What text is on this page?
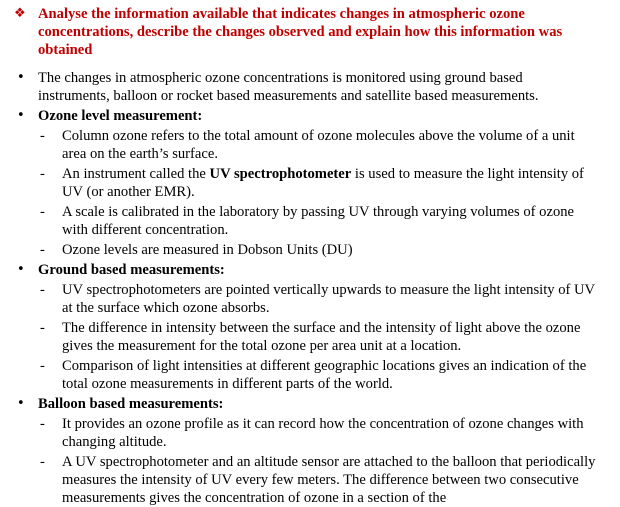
❖ Analyse the information available that indicates changes in atmospheric ozone concentrations, describe the changes observed and explain how this information was obtained
• The changes in atmospheric ozone concentrations is monitored using ground based instruments, balloon or rocket based measurements and satellite based measurements.
• Ozone level measurement:
-	Column ozone refers to the total amount of ozone molecules above the volume of a unit area on the earth’s surface.
-	An instrument called the UV spectrophotometer is used to measure the light intensity of UV (or another EMR).
-	A scale is calibrated in the laboratory by passing UV through varying volumes of ozone with different concentration.
-	Ozone levels are measured in Dobson Units (DU)
• Ground based measurements:
-	UV spectrophotometers are pointed vertically upwards to measure the light intensity of UV at the surface which ozone absorbs.
-	The difference in intensity between the surface and the intensity of light above the ozone gives the measurement for the total ozone per area unit at a location.
-	Comparison of light intensities at different geographic locations gives an indication of the total ozone measurements in different parts of the world.
• Balloon based measurements:
-	It provides an ozone profile as it can record how the concentration of ozone changes with changing altitude.
-	A UV spectrophotometer and an altitude sensor are attached to the balloon that periodically measures the intensity of UV every few meters. The difference between two consecutive measurements gives the concentration of ozone in a section of the
